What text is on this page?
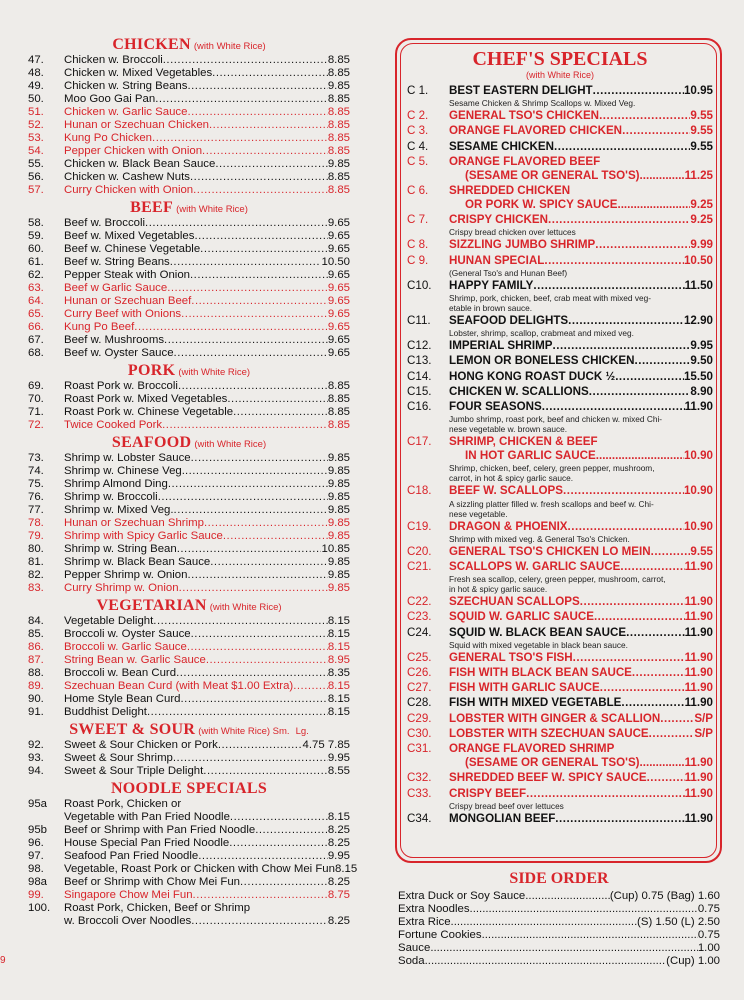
CHICKEN (with White Rice)
47.	Chicken w. Broccoli .....	8.85
48.	Chicken w. Mixed Vegetables .....	8.85
49.	Chicken w. String Beans .....	9.85
50.	Moo Goo Gai Pan .....	8.85
51.	Chicken w. Garlic Sauce .....	8.85
52.	Hunan or Szechuan Chicken .....	8.85
53.	Kung Po Chicken .....	8.85
54.	Pepper Chicken with Onion .....	8.85
55.	Chicken w. Black Bean Sauce .....	9.85
56.	Chicken w. Cashew Nuts .....	8.85
57.	Curry Chicken with Onion .....	8.85
BEEF (with White Rice)
58.	Beef w. Broccoli .....	9.65
59.	Beef w. Mixed Vegetables .....	9.65
60.	Beef w. Chinese Vegetable .....	9.65
61.	Beef w. String Beans .....	10.50
62.	Pepper Steak with Onion .....	9.65
63.	Beef w Garlic Sauce .....	9.65
64.	Hunan or Szechuan Beef .....	9.65
65.	Curry Beef with Onions .....	9.65
66.	Kung Po Beef .....	9.65
67.	Beef w. Mushrooms .....	9.65
68.	Beef w. Oyster Sauce .....	9.65
PORK (with White Rice)
69.	Roast Pork w. Broccoli .....	8.85
70.	Roast Pork w. Mixed Vegetables .....	8.85
71.	Roast Pork w. Chinese Vegetable .....	8.85
72.	Twice Cooked Pork .....	8.85
SEAFOOD (with White Rice)
73.	Shrimp w. Lobster Sauce .....	9.85
74.	Shrimp w. Chinese Veg. .....	9.85
75.	Shrimp Almond Ding .....	9.85
76.	Shrimp w. Broccoli .....	9.85
77.	Shrimp w. Mixed Veg. .....	9.85
78.	Hunan or Szechuan Shrimp .....	9.85
79.	Shrimp with Spicy Garlic Sauce .....	9.85
80.	Shrimp w. String Bean .....	10.85
81.	Shrimp w. Black Bean Sauce .....	9.85
82.	Pepper Shrimp w. Onion .....	9.85
83.	Curry Shrimp w. Onion .....	9.85
VEGETARIAN (with White Rice)
84.	Vegetable Delight .....	8.15
85.	Broccoli w. Oyster Sauce .....	8.15
86.	Broccoli w. Garlic Sauce .....	8.15
87.	String Bean w. Garlic Sauce .....	8.95
88.	Broccoli w. Bean Curd .....	8.35
89.	Szechuan Bean Curd (with Meat $1.00 Extra) .....	8.15
90.	Home Style Bean Curd .....	8.15
91.	Buddhist Delight .....	8.15
SWEET & SOUR (with White Rice) Sm. Lg.
92.	Sweet & Sour Chicken or Pork .....	4.75 7.85
93.	Sweet & Sour Shrimp .....	9.95
94.	Sweet & Sour Triple Delight .....	8.55
NOODLE SPECIALS
95a	Roast Pork, Chicken or
Vegetable with Pan Fried Noodle .....	8.15
95b	Beef or Shrimp with Pan Fried Noodle .....	8.25
96.	House Special Pan Fried Noodle .....	8.25
97.	Seafood Pan Fried Noodle .....	9.95
98.	Vegetable, Roast Pork or Chicken with Chow Mei Fun 8.15
98a	Beef or Shrimp with Chow Mei Fun .....	8.25
99.	Singapore Chow Mei Fun .....	8.75
100.	Roast Pork, Chicken, Beef or Shrimp
w. Broccoli Over Noodles .....	8.25
CHEF'S SPECIALS
(with White Rice)
C 1.	BEST EASTERN DELIGHT .....	10.95
Sesame Chicken & Shrimp Scallops w. Mixed Veg.
C 2.	GENERAL TSO'S CHICKEN .....	9.55
C 3.	ORANGE FLAVORED CHICKEN .....	9.55
C 4.	SESAME CHICKEN .....	9.55
C 5.	ORANGE FLAVORED BEEF
(SESAME OR GENERAL TSO'S) .....	11.25
C 6.	SHREDDED CHICKEN
OR PORK W. SPICY SAUCE .....	9.25
C 7.	CRISPY CHICKEN .....	9.25
Crispy bread chicken over lettuces
C 8.	SIZZLING JUMBO SHRIMP .....	9.99
C 9.	HUNAN SPECIAL .....	10.50
(General Tso's and Hunan Beef)
C10.	HAPPY FAMILY .....	11.50
Shrimp, pork, chicken, beef, crab meat with mixed veg-
etable in brown sauce.
C11.	SEAFOOD DELIGHTS .....	12.90
Lobster, shrimp, scallop, crabmeat and mixed veg.
C12.	IMPERIAL SHRIMP .....	9.95
C13.	LEMON OR BONELESS CHICKEN .....	9.50
C14.	HONG KONG ROAST DUCK ½ .....	15.50
C15.	CHICKEN W. SCALLIONS .....	8.90
C16.	FOUR SEASONS .....	11.90
Jumbo shrimp, roast pork, beef and chicken w. mixed Chi-
nese vegetable w. brown sauce.
C17.	SHRIMP, CHICKEN & BEEF
IN HOT GARLIC SAUCE .....	10.90
Shrimp, chicken, beef, celery, green pepper, mushroom,
carrot, in hot & spicy garlic sauce.
C18.	BEEF W. SCALLOPS .....	10.90
A sizzling platter filled w. fresh scallops and beef w. Chi-
nese vegetable.
C19.	DRAGON & PHOENIX .....	10.90
Shrimp with mixed veg. & General Tso's Chicken.
C20.	GENERAL TSO'S CHICKEN LO MEIN .....	9.55
C21.	SCALLOPS W. GARLIC SAUCE .....	11.90
Fresh sea scallop, celery, green pepper, mushroom, carrot,
in hot & spicy garlic sauce.
C22.	SZECHUAN SCALLOPS .....	11.90
C23.	SQUID W. GARLIC SAUCE .....	11.90
C24.	SQUID W. BLACK BEAN SAUCE .....	11.90
Squid with mixed vegetable in black bean sauce.
C25.	GENERAL TSO'S FISH .....	11.90
C26.	FISH WITH BLACK BEAN SAUCE .....	11.90
C27.	FISH WITH GARLIC SAUCE .....	11.90
C28.	FISH WITH MIXED VEGETABLE .....	11.90
C29.	LOBSTER WITH GINGER & SCALLION .....	S/P
C30.	LOBSTER WITH SZECHUAN SAUCE .....	S/P
C31.	ORANGE FLAVORED SHRIMP
(SESAME OR GENERAL TSO'S) .....	11.90
C32.	SHREDDED BEEF W. SPICY SAUCE .....	11.90
C33.	CRISPY BEEF .....	11.90
Crispy bread beef over lettuces
C34.	MONGOLIAN BEEF .....	11.90
SIDE ORDER
Extra Duck or Soy Sauce .....	(Cup) 0.75 (Bag) 1.60
Extra Noodles .....	0.75
Extra Rice .....	(S) 1.50 (L) 2.50
Fortune Cookies .....	0.75
Sauce .....	1.00
Soda .....	(Cup) 1.00
9
